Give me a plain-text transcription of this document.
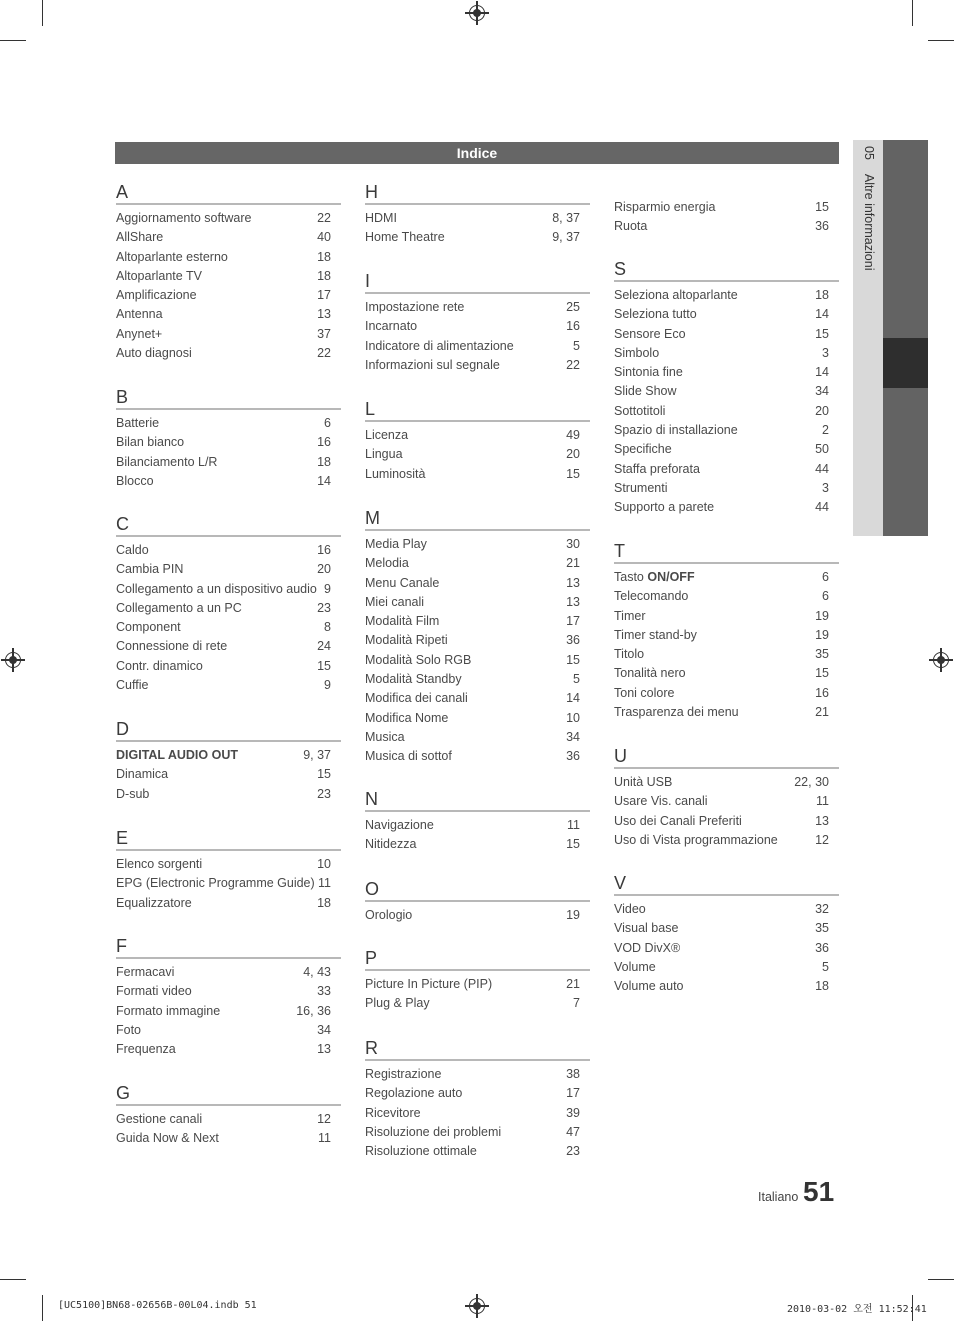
Indice	05Altre informazioni
A
Aggiornamento software	22
AllShare	40
Altoparlante esterno	18
Altoparlante TV	18
Amplificazione	17
Antenna	13
Anynet+	37
Auto diagnosi	22
B
Batterie	6
Bilan bianco	16
Bilanciamento L/R	18
Blocco	14
C
Caldo	16
Cambia PIN	20
Collegamento a un dispositivo audio 9
Collegamento a un PC	23
Component	8
Connessione di rete	24
Contr. dinamico	15
Cuffie	9
D
DIGITAL AUDIO OUT	9, 37
Dinamica	15
D-sub	23
E
Elenco sorgenti	10
EPG (Electronic Programme Guide) 11
Equalizzatore	18
F
Fermacavi	4, 43
Formati video	33
Formato immagine	16, 36
Foto	34
Frequenza	13
G
Gestione canali	12
Guida Now & Next	11
H
HDMI	8, 37
Home Theatre	9, 37
I
Impostazione rete	25
Incarnato	16
Indicatore di alimentazione	5
Informazioni sul segnale	22
L
Licenza	49
Lingua	20
Luminosità	15
M
Media Play	30
Melodia	21
Menu Canale	13
Miei canali	13
Modalità Film	17
Modalità Ripeti	36
Modalità Solo RGB	15
Modalità Standby	5
Modifica dei canali	14
Modifica Nome	10
Musica	34
Musica di sottof	36
N
Navigazione	11
Nitidezza	15
O
Orologio	19
P
Picture In Picture (PIP)	21
Plug & Play	7
R
Registrazione	38
Regolazione auto	17
Ricevitore	39
Risoluzione dei problemi	47
Risoluzione ottimale	23
Risparmio energia	15
Ruota	36
S
Seleziona altoparlante	18
Seleziona tutto	14
Sensore Eco	15
Simbolo	3
Sintonia fine	14
Slide Show	34
Sottotitoli	20
Spazio di installazione	2
Specifiche	50
Staffa preforata	44
Strumenti	3
Supporto a parete	44
T
Tasto ON/OFF	6
Telecomando	6
Timer	19
Timer stand-by	19
Titolo	35
Tonalità nero	15
Toni colore	16
Trasparenza dei menu	21
U
Unità USB	22, 30
Usare Vis. canali	11
Uso dei Canali Preferiti	13
Uso di Vista programmazione	12
V
Video	32
Visual base	35
VOD DivX®	36
Volume	5
Volume auto	18
Italiano 51
[UC5100]BN68-02656B-00L04.indb 51	2010-03-02 오전 11:52:41
